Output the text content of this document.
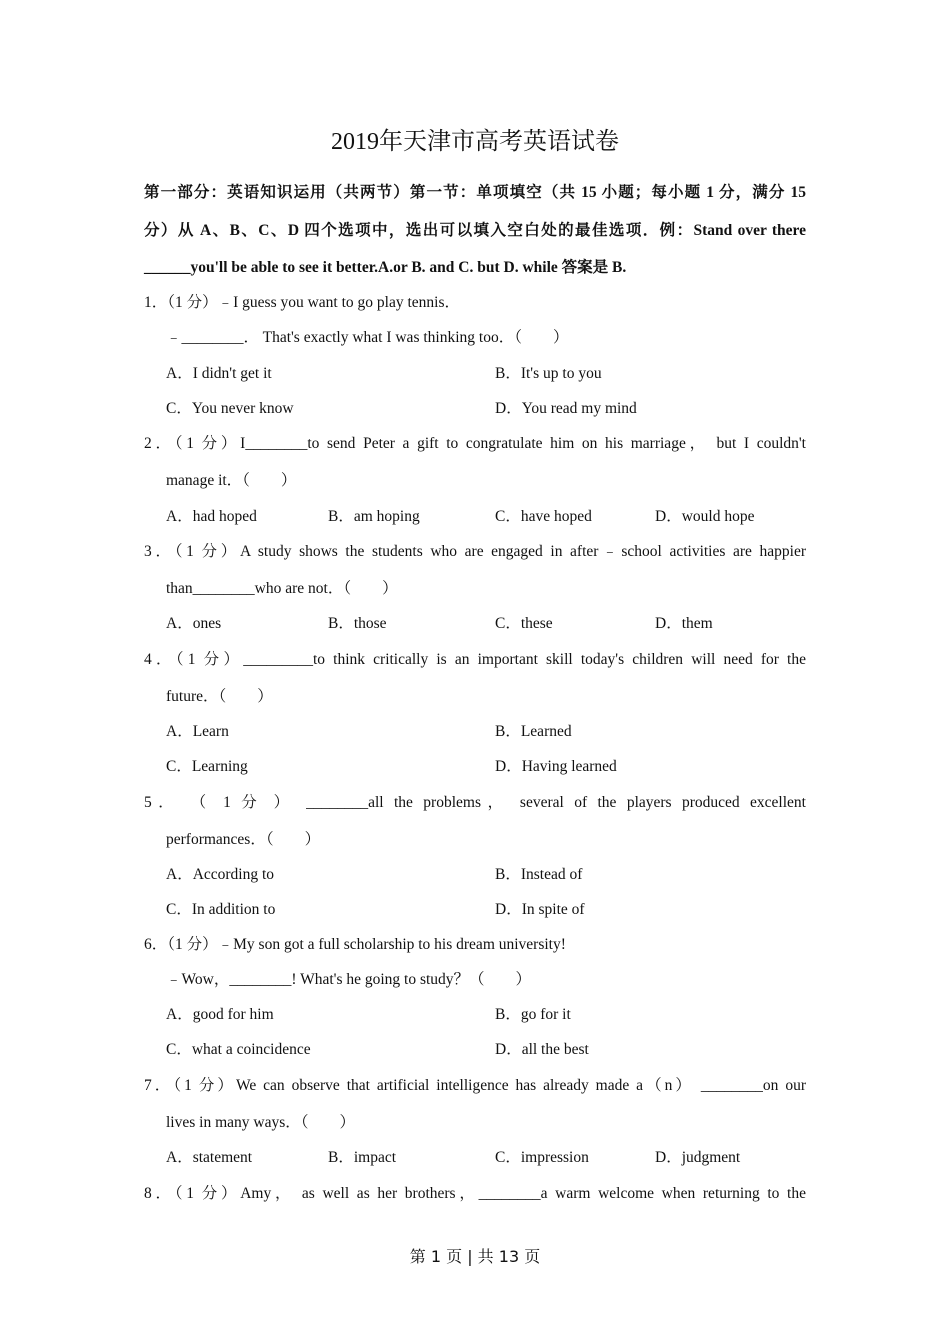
2019年天津市高考英语试卷
第一部分：英语知识运用（共两节）第一节：单项填空（共 15 小题；每小题 1 分，满分 15
分）从 A、B、C、D 四个选项中，选出可以填入空白处的最佳选项．例：Stand over there
______you'll be able to see it better.A.or B. and C. but D. while 答案是 B.
1．（1 分）﹣I guess you want to go play tennis．
﹣________． That's exactly what I was thinking too．（　　）
A．I didn't get it	B．It's up to you
C．You never know	D．You read my mind
2．（1 分）I________to send Peter a gift to congratulate him on his marriage， but I couldn't
manage it．（　　）
A．had hoped	B．am hoping	C．have hoped	D．would hope
3．（1 分）A study shows the students who are engaged in after﹣school activities are happier
than________who are not．（　　）
A．ones	B．those	C．these	D．them
4．（1 分）_________to think critically is an important skill today's children will need for the
future．（　　）
A．Learn	B．Learned
C．Learning	D．Having learned
5． （ 1 分 ） ________all the problems， several of the players produced excellent
performances．（　　）
A．According to	B．Instead of
C．In addition to	D．In spite of
6．（1 分）﹣My son got a full scholarship to his dream university!
﹣Wow，________! What's he going to study？（　　）
A．good for him	B．go for it
C．what a coincidence	D．all the best
7．（1 分）We can observe that artificial intelligence has already made a（n） ________on our
lives in many ways．（　　）
A．statement	B．impact	C．impression	D．judgment
8．（1 分）Amy， as well as her brothers，________a warm welcome when returning to the
第 1 页 | 共 13 页
